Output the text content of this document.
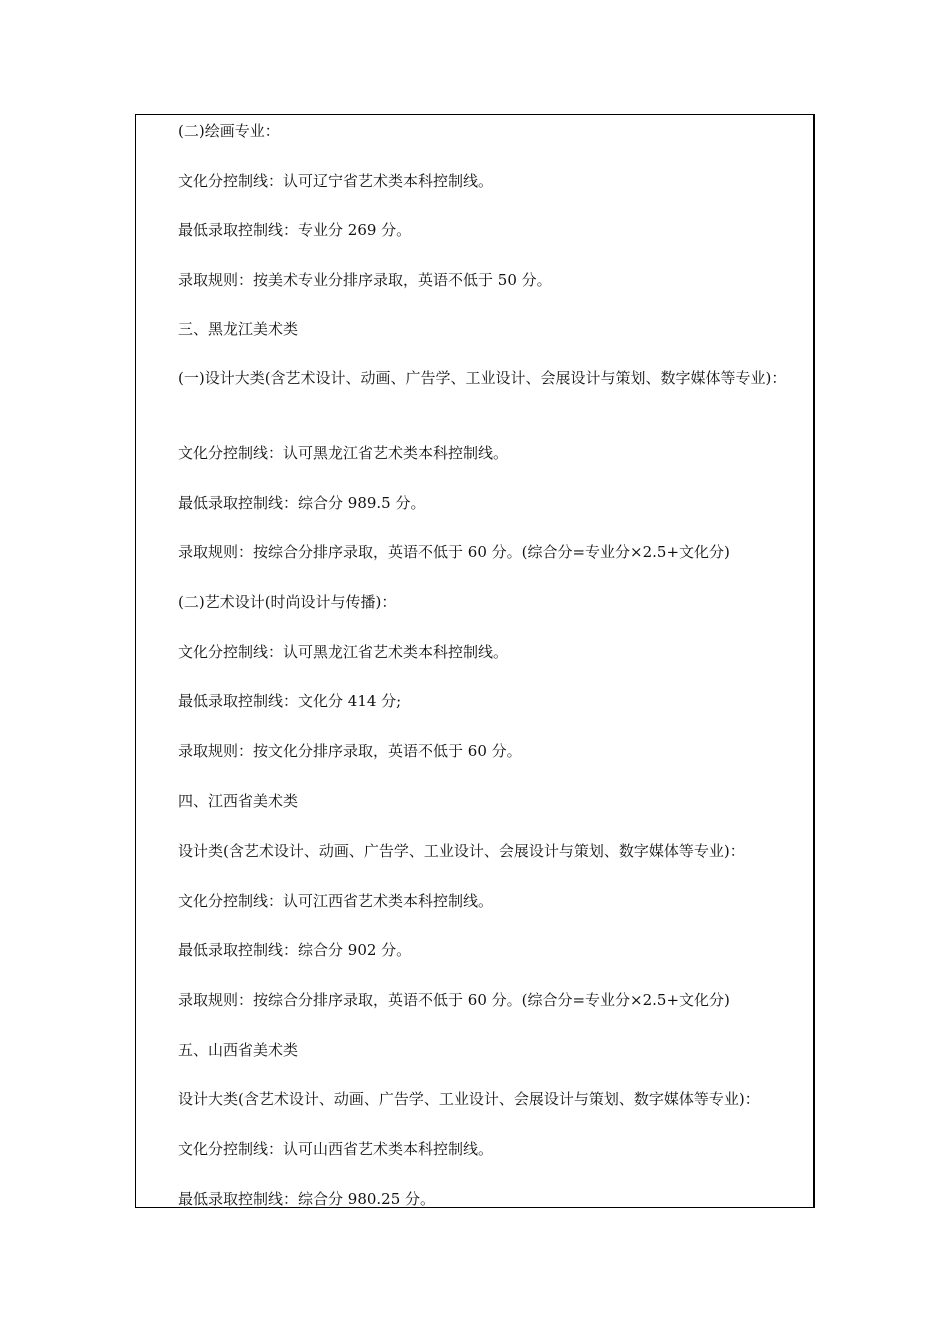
(二)绘画专业：

文化分控制线：认可辽宁省艺术类本科控制线。

最低录取控制线：专业分 269 分。

录取规则：按美术专业分排序录取，英语不低于 50 分。

三、黑龙江美术类

(一)设计大类(含艺术设计、动画、广告学、工业设计、会展设计与策划、数字媒体等专业)：

文化分控制线：认可黑龙江省艺术类本科控制线。

最低录取控制线：综合分 989.5 分。

录取规则：按综合分排序录取，英语不低于 60 分。(综合分=专业分×2.5+文化分)

(二)艺术设计(时尚设计与传播)：

文化分控制线：认可黑龙江省艺术类本科控制线。

最低录取控制线：文化分 414 分;

录取规则：按文化分排序录取，英语不低于 60 分。

四、江西省美术类

设计类(含艺术设计、动画、广告学、工业设计、会展设计与策划、数字媒体等专业)：

文化分控制线：认可江西省艺术类本科控制线。

最低录取控制线：综合分 902 分。

录取规则：按综合分排序录取，英语不低于 60 分。(综合分=专业分×2.5+文化分)

五、山西省美术类

设计大类(含艺术设计、动画、广告学、工业设计、会展设计与策划、数字媒体等专业)：

文化分控制线：认可山西省艺术类本科控制线。

最低录取控制线：综合分 980.25 分。
